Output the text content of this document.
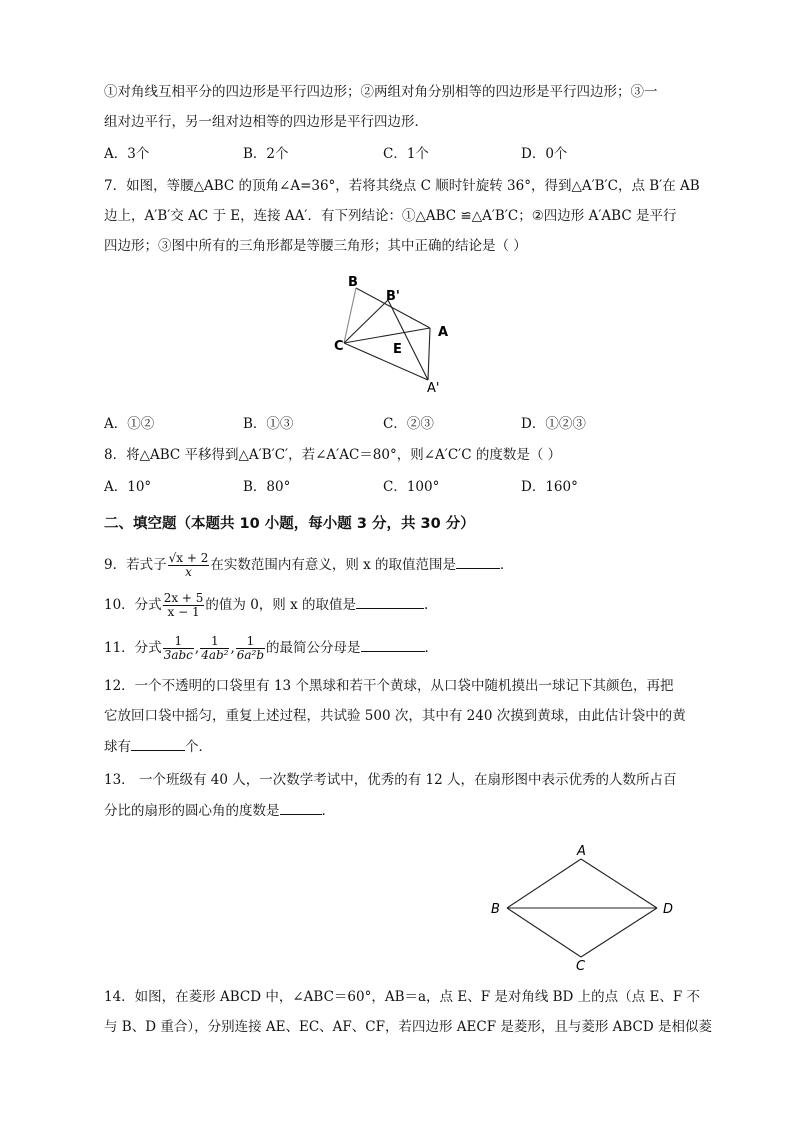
①对角线互相平分的四边形是平行四边形；②两组对角分别相等的四边形是平行四边形；③一
组对边平行，另一组对边相等的四边形是平行四边形．
A．3个	B．2个	C．1个	D．0个
7．如图，等腰△ABC 的顶角∠A=36°，若将其绕点 C 顺时针旋转 36°，得到△A′B′C，点 B′在 AB
边上，A′B′交 AC 于 E，连接 AA′．有下列结论：①△ABC ≌△A′B′C；②四边形 A′ABC 是平行
四边形；③图中所有的三角形都是等腰三角形；其中正确的结论是（ ）
B
B'
A
C	E
A'
A．①②	B．①③	C．②③	D．①②③
8．将△ABC 平移得到△A′B′C′，若∠A′AC＝80°，则∠A′C′C 的度数是（ ）
A．10°	B．80°	C．100°	D．160°
二、填空题（本题共 10 小题，每小题 3 分，共 30 分）
9．若式子 $\frac{√x + 2}{x}$ 在实数范围内有意义，则 x 的取值范围是	．
10．分式 $\frac{2x + 5}{x - 1}$ 的值为 0，则 x 的取值是	.
11．分式 $\frac{1}{\text{3abc}}$ , $\frac{1}{\text{4ab²}}$ , $\frac{1}{\text{6a²b}}$ 的最简公分母是	．
12．一个不透明的口袋里有 13 个黑球和若干个黄球，从口袋中随机摸出一球记下其颜色，再把
它放回口袋中摇匀，重复上述过程，共试验 500 次，其中有 240 次摸到黄球，由此估计袋中的黄
球有	个．
13． 一个班级有 40 人，一次数学考试中，优秀的有 12 人，在扇形图中表示优秀的人数所占百
分比的扇形的圆心角的度数是	．
A
B	D
C
14．如图，在菱形 ABCD 中，∠ABC＝60°，AB＝a，点 E、F 是对角线 BD 上的点（点 E、F 不
与 B、D 重合），分别连接 AE、EC、AF、CF，若四边形 AECF 是菱形，且与菱形 ABCD 是相似菱
